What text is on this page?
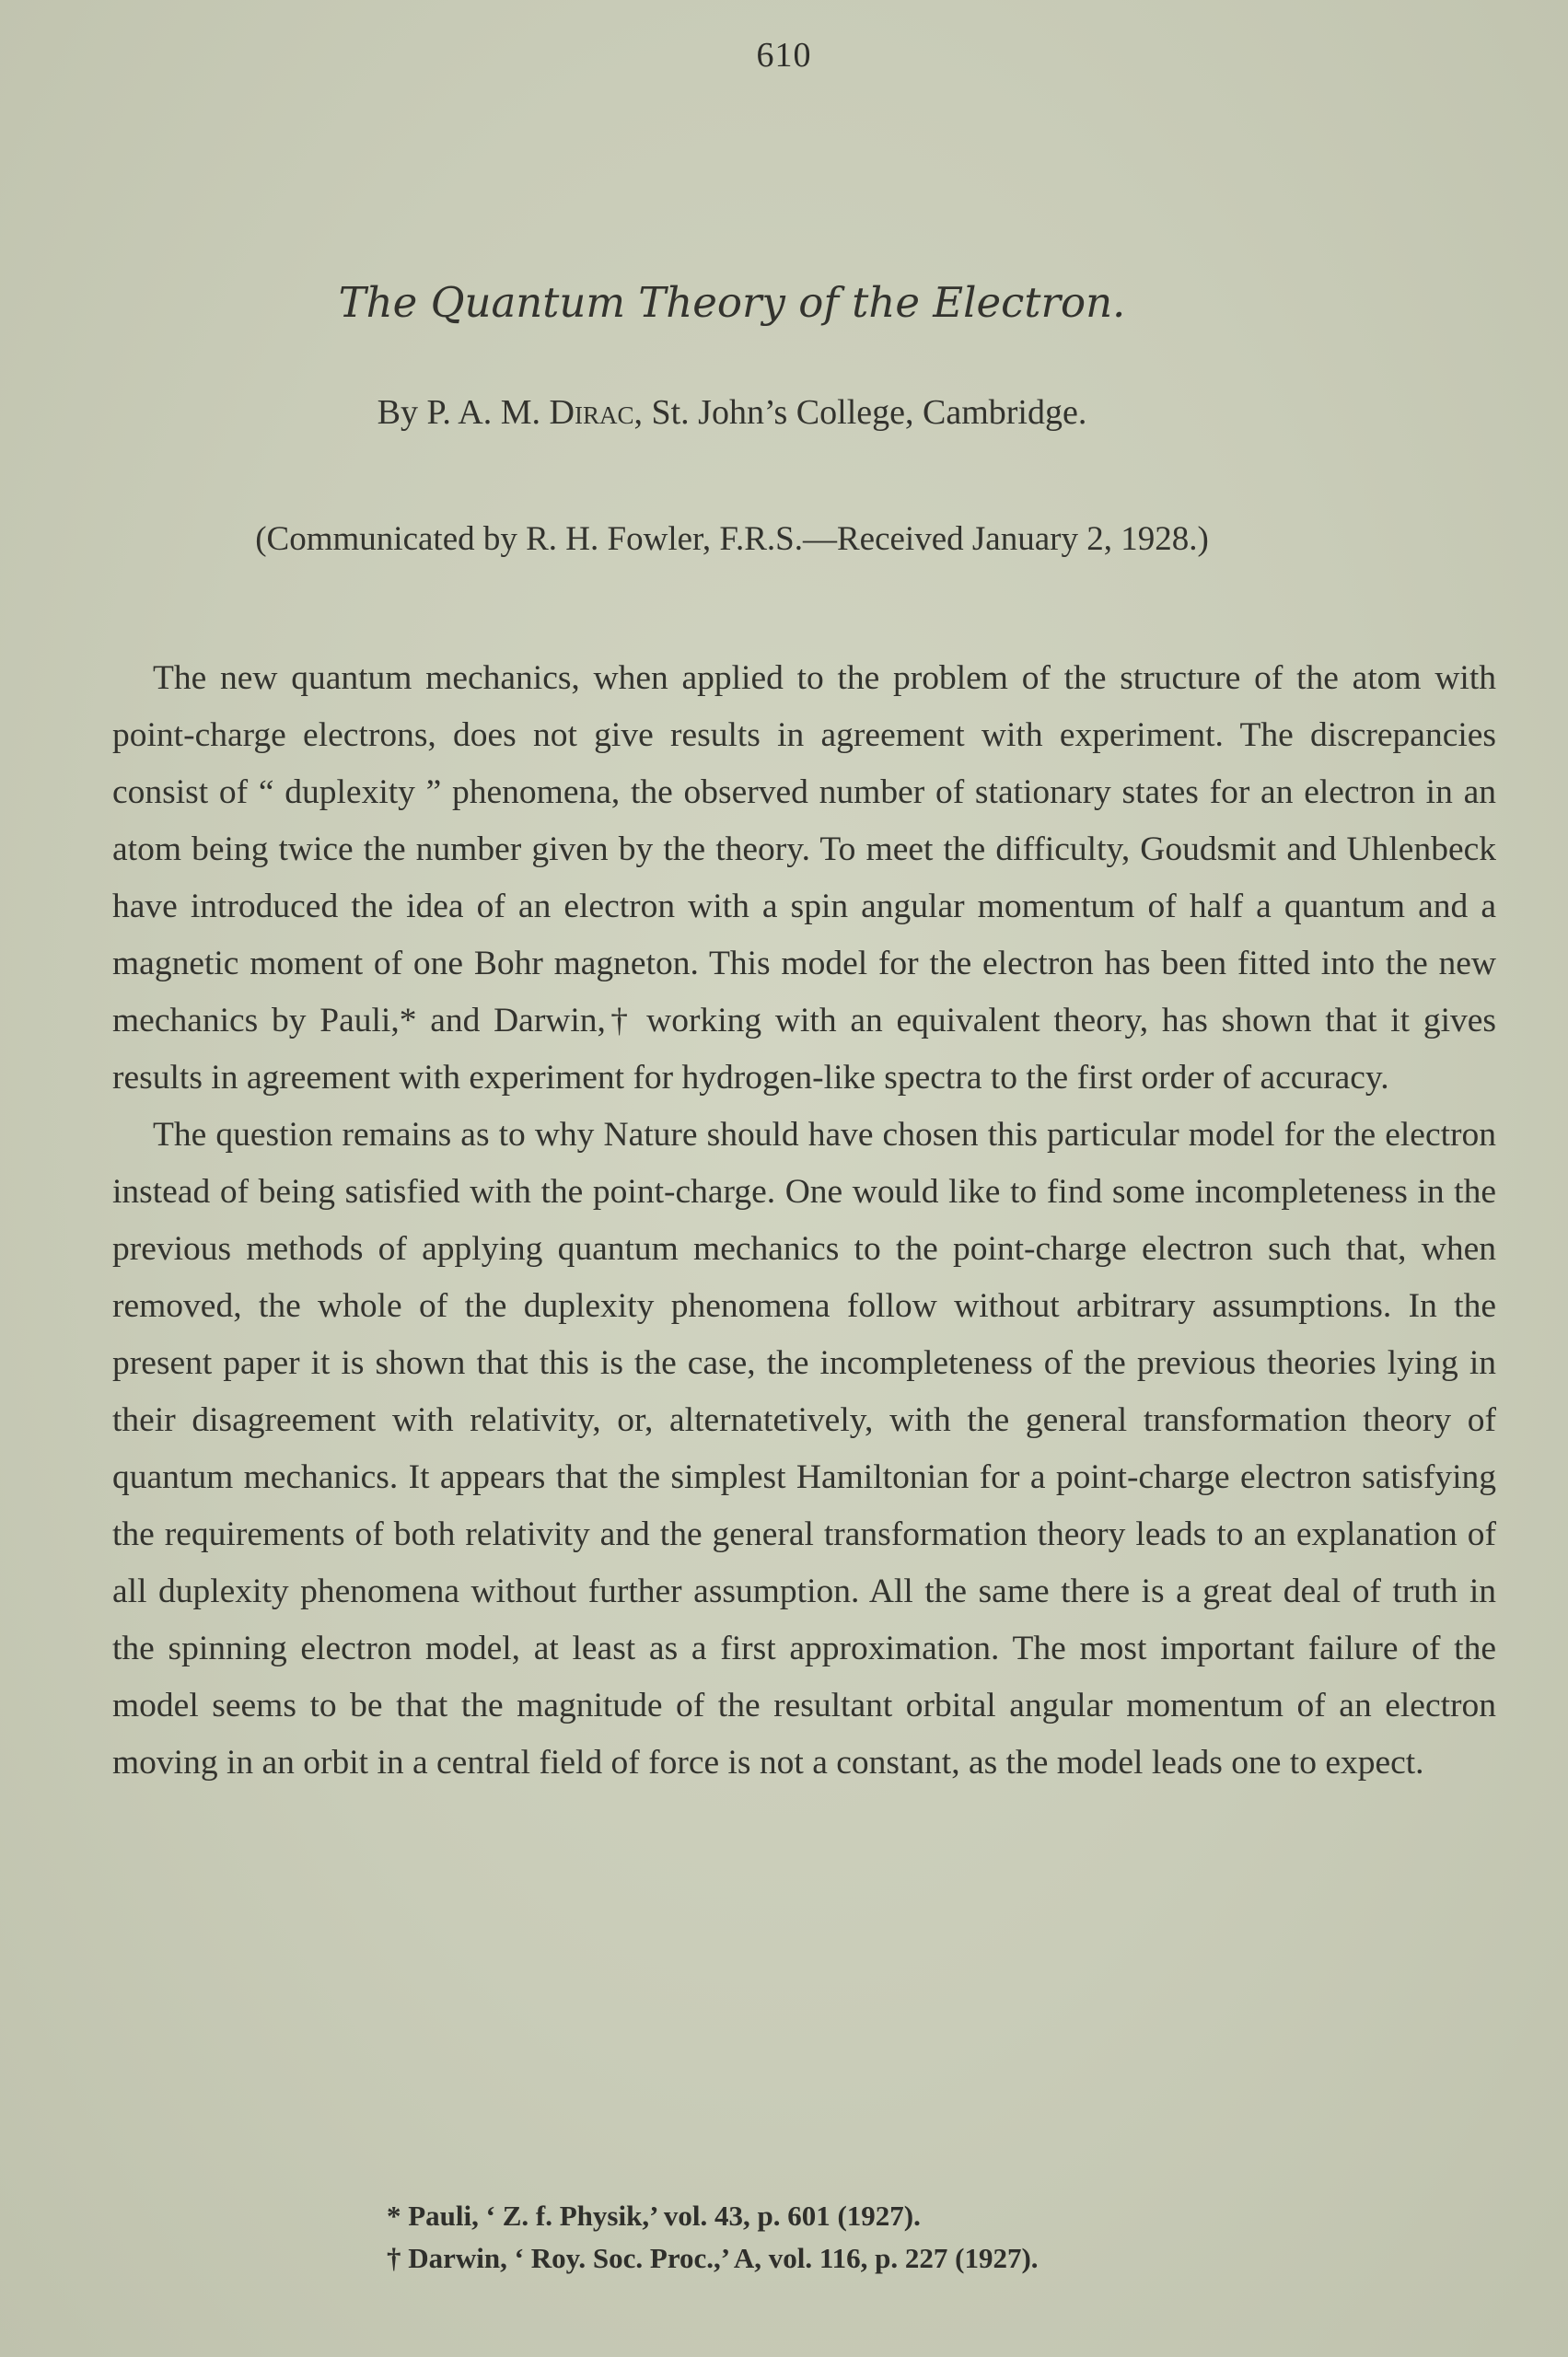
610
The Quantum Theory of the Electron.
By P. A. M. Dirac, St. John’s College, Cambridge.
(Communicated by R. H. Fowler, F.R.S.—Received January 2, 1928.)

The new quantum mechanics, when applied to the problem of the structure of the atom with point-charge electrons, does not give results in agreement with experiment. The discrepancies consist of “ duplexity ” phenomena, the observed number of stationary states for an electron in an atom being twice the number given by the theory. To meet the difficulty, Goudsmit and Uhlenbeck have introduced the idea of an electron with a spin angular momentum of half a quantum and a magnetic moment of one Bohr magneton. This model for the electron has been fitted into the new mechanics by Pauli,* and Darwin,† working with an equivalent theory, has shown that it gives results in agreement with experiment for hydrogen-like spectra to the first order of accuracy.

The question remains as to why Nature should have chosen this particular model for the electron instead of being satisfied with the point-charge. One would like to find some incompleteness in the previous methods of applying quantum mechanics to the point-charge electron such that, when removed, the whole of the duplexity phenomena follow without arbitrary assumptions. In the present paper it is shown that this is the case, the incompleteness of the previous theories lying in their disagreement with relativity, or, alternatetively, with the general transformation theory of quantum mechanics. It appears that the simplest Hamiltonian for a point-charge electron satisfying the requirements of both relativity and the general transformation theory leads to an explanation of all duplexity phenomena without further assumption. All the same there is a great deal of truth in the spinning electron model, at least as a first approximation. The most important failure of the model seems to be that the magnitude of the resultant orbital angular momentum of an electron moving in an orbit in a central field of force is not a constant, as the model leads one to expect.

* Pauli, ‘ Z. f. Physik,’ vol. 43, p. 601 (1927).
† Darwin, ‘ Roy. Soc. Proc.,’ A, vol. 116, p. 227 (1927).
